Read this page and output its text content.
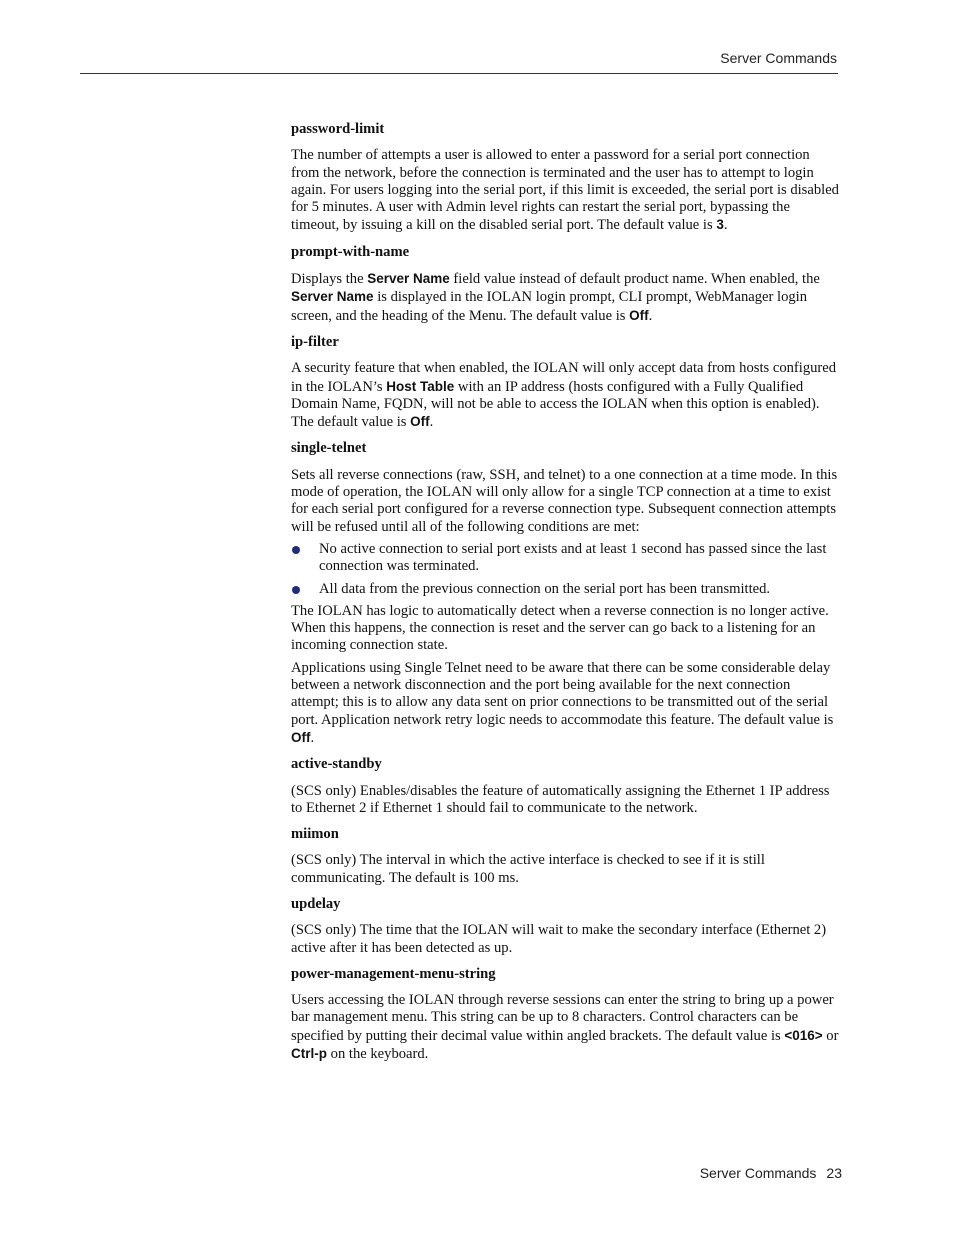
Server Commands
password-limit

The number of attempts a user is allowed to enter a password for a serial port connection from the network, before the connection is terminated and the user has to attempt to login again. For users logging into the serial port, if this limit is exceeded, the serial port is disabled for 5 minutes. A user with Admin level rights can restart the serial port, bypassing the timeout, by issuing a kill on the disabled serial port. The default value is 3.

prompt-with-name

Displays the Server Name field value instead of default product name. When enabled, the Server Name is displayed in the IOLAN login prompt, CLI prompt, WebManager login screen, and the heading of the Menu. The default value is Off.

ip-filter

A security feature that when enabled, the IOLAN will only accept data from hosts configured in the IOLAN’s Host Table with an IP address (hosts configured with a Fully Qualified Domain Name, FQDN, will not be able to access the IOLAN when this option is enabled). The default value is Off.

single-telnet

Sets all reverse connections (raw, SSH, and telnet) to a one connection at a time mode. In this mode of operation, the IOLAN will only allow for a single TCP connection at a time to exist for each serial port configured for a reverse connection type. Subsequent connection attempts will be refused until all of the following conditions are met:

No active connection to serial port exists and at least 1 second has passed since the last connection was terminated.
All data from the previous connection on the serial port has been transmitted.

The IOLAN has logic to automatically detect when a reverse connection is no longer active. When this happens, the connection is reset and the server can go back to a listening for an incoming connection state.

Applications using Single Telnet need to be aware that there can be some considerable delay between a network disconnection and the port being available for the next connection attempt; this is to allow any data sent on prior connections to be transmitted out of the serial port. Application network retry logic needs to accommodate this feature. The default value is Off.

active-standby

(SCS only) Enables/disables the feature of automatically assigning the Ethernet 1 IP address to Ethernet 2 if Ethernet 1 should fail to communicate to the network.

miimon

(SCS only) The interval in which the active interface is checked to see if it is still communicating. The default is 100 ms.

updelay

(SCS only) The time that the IOLAN will wait to make the secondary interface (Ethernet 2) active after it has been detected as up.

power-management-menu-string

Users accessing the IOLAN through reverse sessions can enter the string to bring up a power bar management menu. This string can be up to 8 characters. Control characters can be specified by putting their decimal value within angled brackets. The default value is <016> or Ctrl-p on the keyboard.

Server Commands 23
